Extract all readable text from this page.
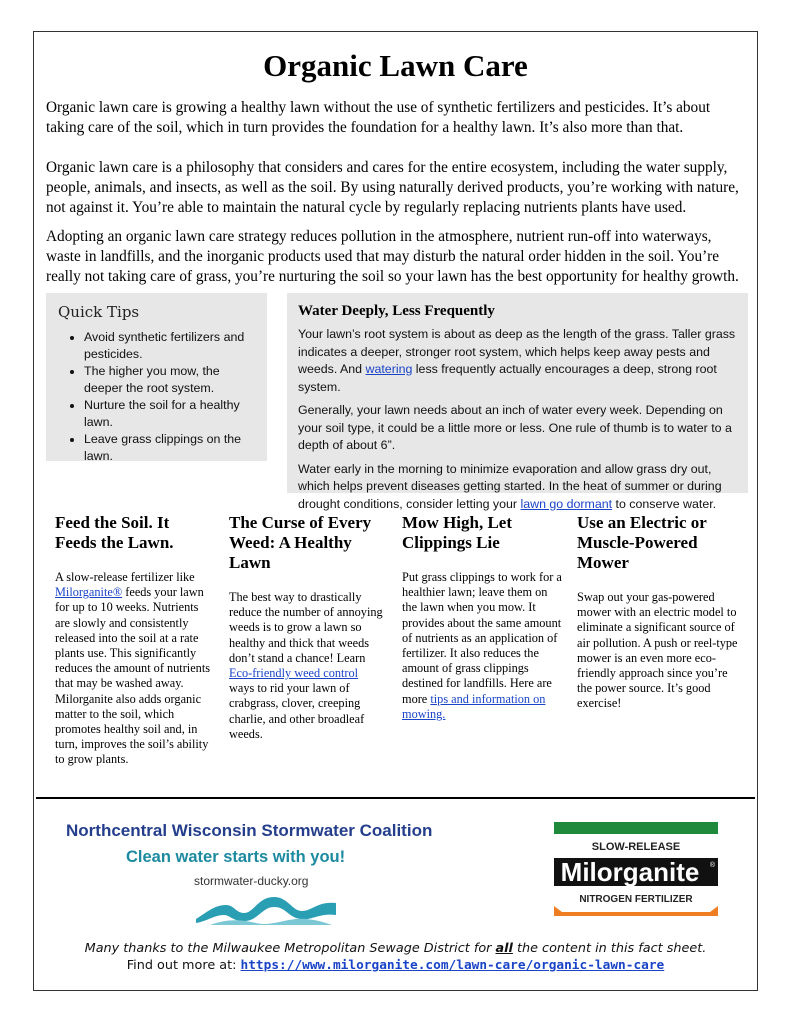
Organic Lawn Care

Organic lawn care is growing a healthy lawn without the use of synthetic fertilizers and pesticides. It’s about taking care of the soil, which in turn provides the foundation for a healthy lawn. It’s also more than that.

Organic lawn care is a philosophy that considers and cares for the entire ecosystem, including the water supply, people, animals, and insects, as well as the soil. By using naturally derived products, you’re working with nature, not against it. You’re able to maintain the natural cycle by regularly replacing nutrients plants have used.

Adopting an organic lawn care strategy reduces pollution in the atmosphere, nutrient run-off into waterways, waste in landfills, and the inorganic products used that may disturb the natural order hidden in the soil. You’re really not taking care of grass, you’re nurturing the soil so your lawn has the best opportunity for healthy growth.

Quick Tips
• Avoid synthetic fertilizers and pesticides.
• The higher you mow, the deeper the root system.
• Nurture the soil for a healthy lawn.
• Leave grass clippings on the lawn.
Water Deeply, Less Frequently

Your lawn’s root system is about as deep as the length of the grass. Taller grass indicates a deeper, stronger root system, which helps keep away pests and weeds. And watering less frequently actually encourages a deep, strong root system.

Generally, your lawn needs about an inch of water every week. Depending on your soil type, it could be a little more or less. One rule of thumb is to water to a depth of about 6”.

Water early in the morning to minimize evaporation and allow grass dry out, which helps prevent diseases getting started. In the heat of summer or during drought conditions, consider letting your lawn go dormant to conserve water.

Feed the Soil. It Feeds the Lawn.

A slow-release fertilizer like Milorganite® feeds your lawn for up to 10 weeks. Nutrients are slowly and consistently released into the soil at a rate plants use. This significantly reduces the amount of nutrients that may be washed away. Milorganite also adds organic matter to the soil, which promotes healthy soil and, in turn, improves the soil’s ability to grow plants.

The Curse of Every Weed: A Healthy Lawn

The best way to drastically reduce the number of annoying weeds is to grow a lawn so healthy and thick that weeds don’t stand a chance! Learn Eco-friendly weed control ways to rid your lawn of crabgrass, clover, creeping charlie, and other broadleaf weeds.

Mow High, Let Clippings Lie

Put grass clippings to work for a healthier lawn; leave them on the lawn when you mow. It provides about the same amount of nutrients as an application of fertilizer. It also reduces the amount of grass clippings destined for landfills. Here are more tips and information on mowing.

Use an Electric or Muscle-Powered Mower

Swap out your gas-powered mower with an electric model to eliminate a significant source of air pollution. A push or reel-type mower is an even more eco-friendly approach since you’re the power source. It’s good exercise!

Northcentral Wisconsin Stormwater Coalition
Clean water starts with you!
stormwater-ducky.org
SLOW-RELEASE
Milorganite ®
NITROGEN FERTILIZER
Many thanks to the Milwaukee Metropolitan Sewage District for all the content in this fact sheet.
Find out more at: https://www.milorganite.com/lawn-care/organic-lawn-care
